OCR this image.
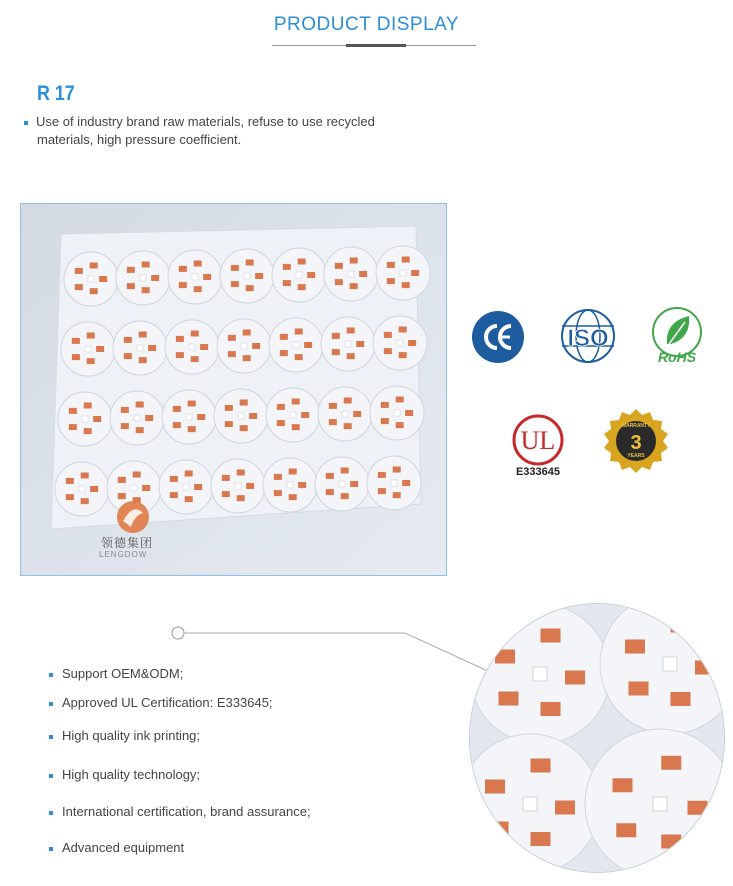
PRODUCT DISPLAY
R 17
Use of industry brand raw materials, refuse to use recycled
materials, high pressure coefficient.
领德集团
LENGDOW
ISO
RoHS
UL
E333645
WARRANTY
3
YEARS
Support OEM&ODM;
Approved UL Certification: E333645;
High quality ink printing;
High quality technology;
International certification, brand assurance;
Advanced equipment
